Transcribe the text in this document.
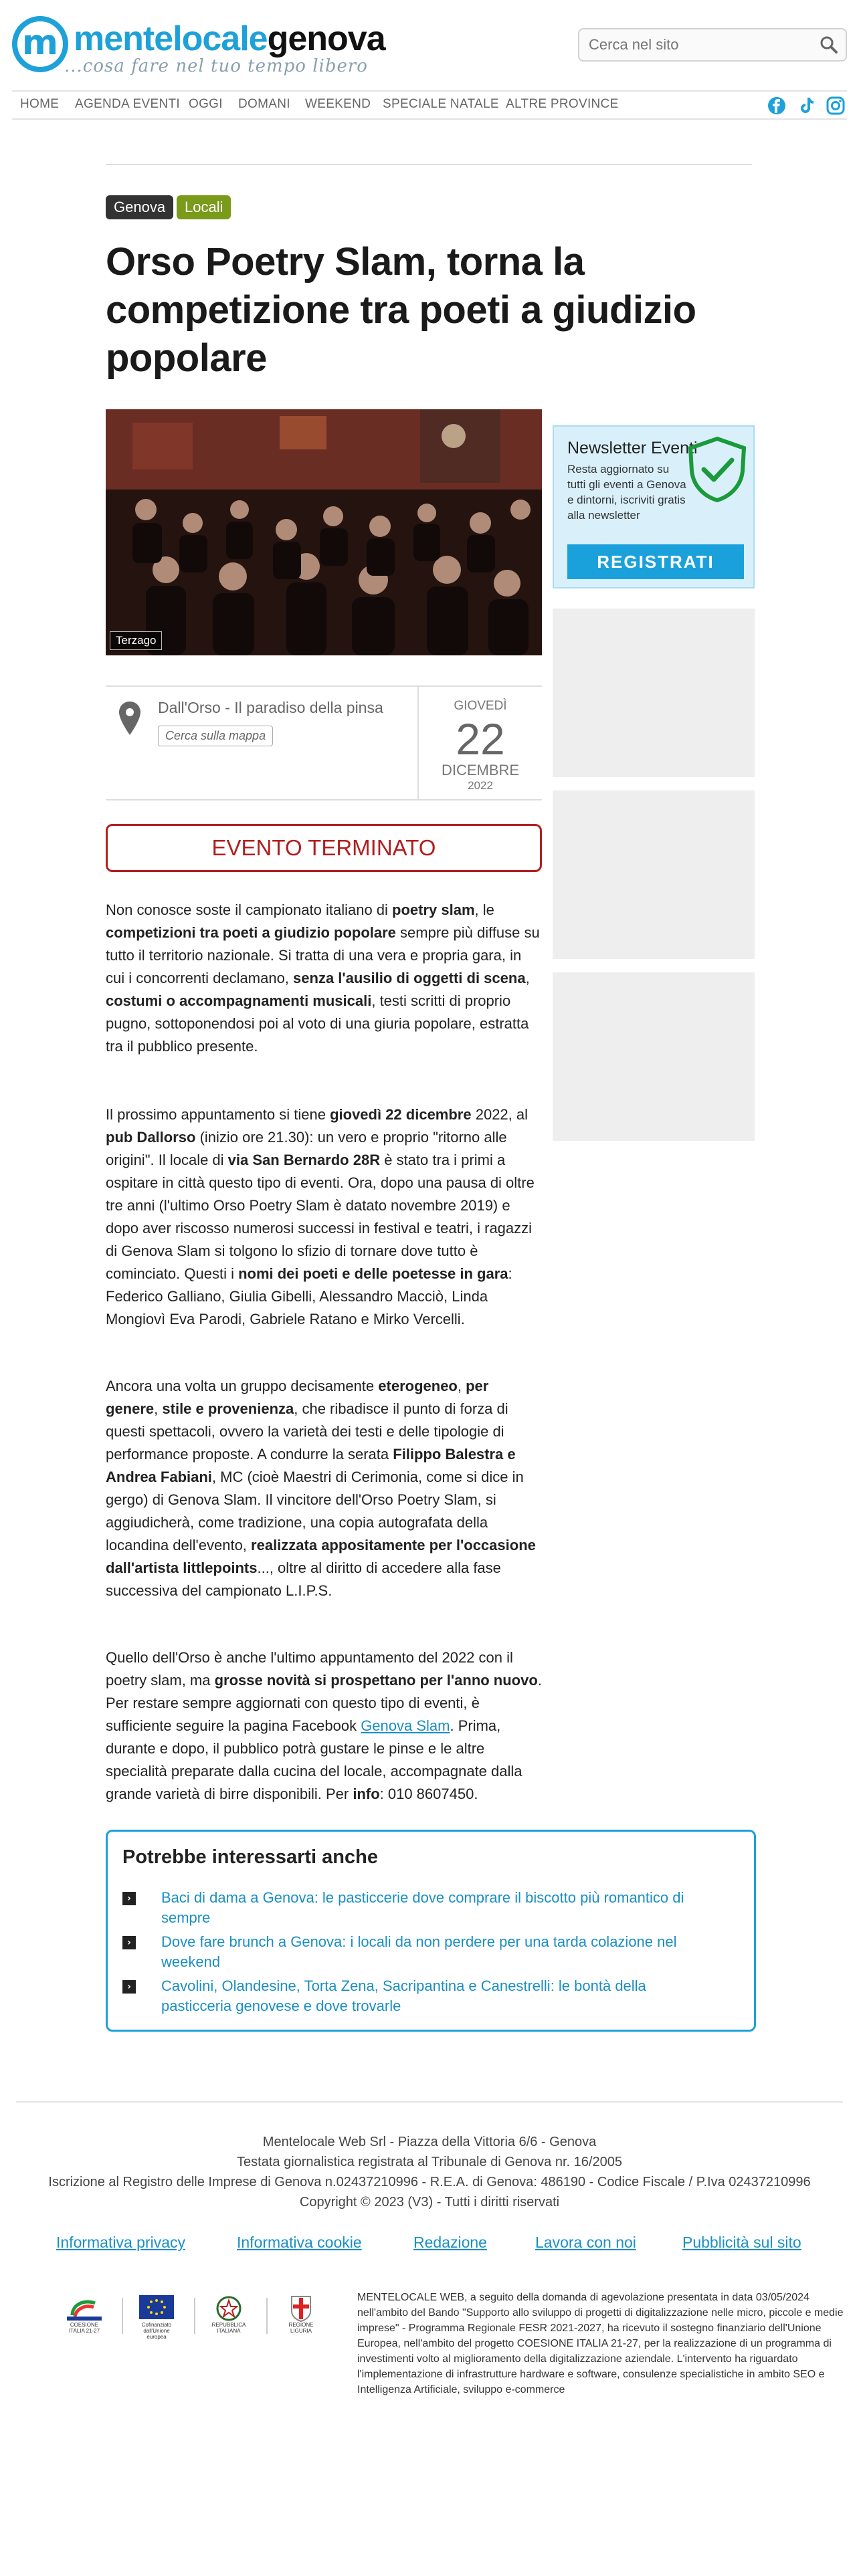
m mentelocalegenova
...cosa fare nel tuo tempo libero
Cerca nel sito
HOME AGENDA EVENTI OGGI DOMANI WEEKEND SPECIALE NATALE ALTRE PROVINCE
Genova	Locali
Orso Poetry Slam, torna la competizione tra poeti a giudizio popolare
Terzago
Newsletter Eventi
Resta aggiornato su tutti gli eventi a Genova e dintorni, iscriviti gratis alla newsletter
REGISTRATI
Dall'Orso - Il paradiso della pinsa
Cerca sulla mappa
GIOVEDÌ
22
DICEMBRE
2022
EVENTO TERMINATO
Non conosce soste il campionato italiano di poetry slam, le competizioni tra poeti a giudizio popolare sempre più diffuse su tutto il territorio nazionale. Si tratta di una vera e propria gara, in cui i concorrenti declamano, senza l'ausilio di oggetti di scena, costumi o accompagnamenti musicali, testi scritti di proprio pugno, sottoponendosi poi al voto di una giuria popolare, estratta tra il pubblico presente.
Il prossimo appuntamento si tiene giovedì 22 dicembre 2022, al pub Dallorso (inizio ore 21.30): un vero e proprio "ritorno alle origini". Il locale di via San Bernardo 28R è stato tra i primi a ospitare in città questo tipo di eventi. Ora, dopo una pausa di oltre tre anni (l'ultimo Orso Poetry Slam è datato novembre 2019) e dopo aver riscosso numerosi successi in festival e teatri, i ragazzi di Genova Slam si tolgono lo sfizio di tornare dove tutto è cominciato. Questi i nomi dei poeti e delle poetesse in gara: Federico Galliano, Giulia Gibelli, Alessandro Macciò, Linda Mongiovì Eva Parodi, Gabriele Ratano e Mirko Vercelli.
Ancora una volta un gruppo decisamente eterogeneo, per genere, stile e provenienza, che ribadisce il punto di forza di questi spettacoli, ovvero la varietà dei testi e delle tipologie di performance proposte. A condurre la serata Filippo Balestra e Andrea Fabiani, MC (cioè Maestri di Cerimonia, come si dice in gergo) di Genova Slam. Il vincitore dell'Orso Poetry Slam, si aggiudicherà, come tradizione, una copia autografata della locandina dell'evento, realizzata appositamente per l'occasione dall'artista littlepoints..., oltre al diritto di accedere alla fase successiva del campionato L.I.P.S.
Quello dell'Orso è anche l'ultimo appuntamento del 2022 con il poetry slam, ma grosse novità si prospettano per l'anno nuovo. Per restare sempre aggiornati con questo tipo di eventi, è sufficiente seguire la pagina Facebook Genova Slam. Prima, durante e dopo, il pubblico potrà gustare le pinse e le altre specialità preparate dalla cucina del locale, accompagnate dalla grande varietà di birre disponibili. Per info: 010 8607450.
Potrebbe interessarti anche
›	Baci di dama a Genova: le pasticcerie dove comprare il biscotto più romantico di sempre
›	Dove fare brunch a Genova: i locali da non perdere per una tarda colazione nel weekend
›	Cavolini, Olandesine, Torta Zena, Sacripantina e Canestrelli: le bontà della pasticceria genovese e dove trovarle
Mentelocale Web Srl - Piazza della Vittoria 6/6 - Genova
Testata giornalistica registrata al Tribunale di Genova nr. 16/2005
Iscrizione al Registro delle Imprese di Genova n.02437210996 - R.E.A. di Genova: 486190 - Codice Fiscale / P.Iva 02437210996
Copyright © 2023 (V3) - Tutti i diritti riservati
Informativa privacy	Informativa cookie	Redazione	Lavora con noi	Pubblicità sul sito
COESIONE ITALIA 21-27
Cofinanziato dall'Unione europea
REPUBBLICA ITALIANA
REGIONE LIGURIA
MENTELOCALE WEB, a seguito della domanda di agevolazione presentata in data 03/05/2024 nell'ambito del Bando "Supporto allo sviluppo di progetti di digitalizzazione nelle micro, piccole e medie imprese" - Programma Regionale FESR 2021-2027, ha ricevuto il sostegno finanziario dell'Unione Europea, nell'ambito del progetto COESIONE ITALIA 21-27, per la realizzazione di un programma di investimenti volto al miglioramento della digitalizzazione aziendale. L'intervento ha riguardato l'implementazione di infrastrutture hardware e software, consulenze specialistiche in ambito SEO e Intelligenza Artificiale, sviluppo e-commerce
